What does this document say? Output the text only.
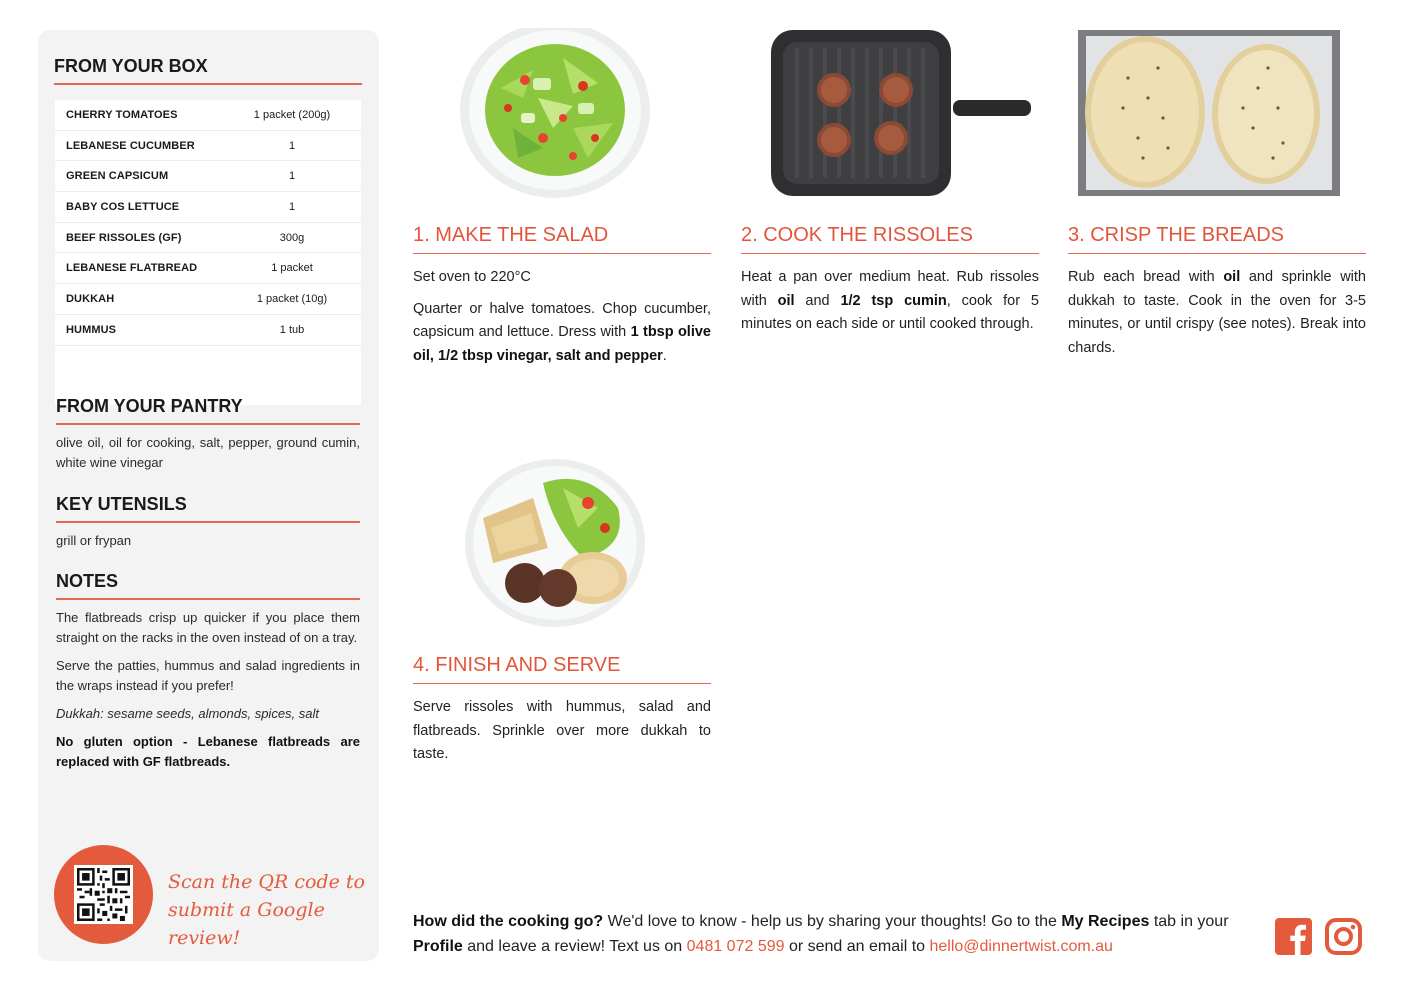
FROM YOUR BOX
CHERRY TOMATOES	1 packet (200g)
LEBANESE CUCUMBER	1
GREEN CAPSICUM	1
BABY COS LETTUCE	1
BEEF RISSOLES (GF)	300g
LEBANESE FLATBREAD	1 packet
DUKKAH	1 packet (10g)
HUMMUS	1 tub
FROM YOUR PANTRY
olive oil, oil for cooking, salt, pepper, ground cumin, white wine vinegar
KEY UTENSILS
grill or frypan
NOTES

The flatbreads crisp up quicker if you place them straight on the racks in the oven instead of on a tray.

Serve the patties, hummus and salad ingredients in the wraps instead if you prefer!

Dukkah: sesame seeds, almonds, spices, salt

No gluten option - Lebanese flatbreads are replaced with GF flatbreads.

Scan the QR code to
submit a Google review!
1. MAKE THE SALAD

Set oven to 220°C

Quarter or halve tomatoes. Chop cucumber, capsicum and lettuce. Dress with 1 tbsp olive oil, 1/2 tbsp vinegar, salt and pepper.

2. COOK THE RISSOLES

Heat a pan over medium heat. Rub rissoles with oil and 1/2 tsp cumin, cook for 5 minutes on each side or until cooked through.

3. CRISP THE BREADS

Rub each bread with oil and sprinkle with dukkah to taste. Cook in the oven for 3-5 minutes, or until crispy (see notes). Break into chards.

4. FINISH AND SERVE

Serve rissoles with hummus, salad and flatbreads. Sprinkle over more dukkah to taste.

How did the cooking go? We'd love to know - help us by sharing your thoughts! Go to the My Recipes tab in your Profile and leave a review! Text us on 0481 072 599 or send an email to hello@dinnertwist.com.au
